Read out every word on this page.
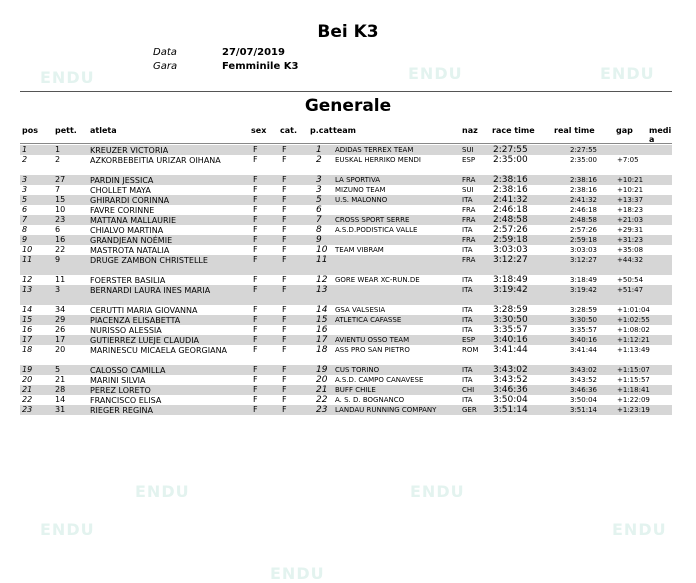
ENDU	ENDU	ENDU
ENDU	ENDU
ENDU
ENDU
ENDU
Bei K3
Data	27/07/2019
Gara	Femminile K3
Generale
pos pett. atleta	sex cat. p.cat team	naz race time real time	gap medi a
1	1	KREUZER VICTORIA	F	F	1 ADIDAS TERREX TEAM	SUI 2:27:55	2:27:55
2	2	AZKORBEBEITIA URIZAR OIHANA	F	F	2 EUSKAL HERRIKO MENDI	ESP 2:35:00	2:35:00	+7:05
3	27	PARDIN JESSICA	F	F	3 LA SPORTIVA	FRA 2:38:16	2:38:16	+10:21
3	7	CHOLLET MAYA	F	F	3 MIZUNO TEAM	SUI 2:38:16	2:38:16	+10:21
5	15	GHIRARDI CORINNA	F	F	5 U.S. MALONNO	ITA 2:41:32	2:41:32	+13:37
6	10	FAVRE CORINNE	F	F	6	FRA 2:46:18	2:46:18	+18:23
7	23	MATTANA MALLAURIE	F	F	7 CROSS SPORT SERRE	FRA 2:48:58	2:48:58	+21:03
8	6	CHIALVO MARTINA	F	F	8 A.S.D.PODISTICA VALLE	ITA 2:57:26	2:57:26	+29:31
9	16	GRANDJEAN NOÉMIE	F	F	9	FRA 2:59:18	2:59:18	+31:23
10	22	MASTROTA NATALIA	F	F	10 TEAM VIBRAM	ITA 3:03:03	3:03:03	+35:08
11	9	DRUGE ZAMBON CHRISTELLE	F	F	11	FRA 3:12:27	3:12:27	+44:32
12	11	FOERSTER BASILIA	F	F	12 GORE WEAR XC-RUN.DE	ITA 3:18:49	3:18:49	+50:54
13	3	BERNARDI LAURA INES MARIA	F	F	13	ITA 3:19:42	3:19:42	+51:47
14	34	CERUTTI MARIA GIOVANNA	F	F	14 GSA VALSESIA	ITA 3:28:59	3:28:59	+1:01:04
15	29	PIACENZA ELISABETTA	F	F	15 ATLETICA CAFASSE	ITA 3:30:50	3:30:50	+1:02:55
16	26	NURISSO ALESSIA	F	F	16	ITA 3:35:57	3:35:57	+1:08:02
17	17	GUTIERREZ LUEJE CLAUDIA	F	F	17 AVIENTU OSSO TEAM	ESP 3:40:16	3:40:16	+1:12:21
18	20	MARINESCU MICAELA GEORGIANA	F	F	18 ASS PRO SAN PIETRO	ROM 3:41:44	3:41:44	+1:13:49
19	5	CALOSSO CAMILLA	F	F	19 CUS TORINO	ITA 3:43:02	3:43:02	+1:15:07
20	21	MARINI SILVIA	F	F	20 A.S.D. CAMPO CANAVESE	ITA 3:43:52	3:43:52	+1:15:57
21	28	PEREZ LORETO	F	F	21 BUFF CHILE	CHI 3:46:36	3:46:36	+1:18:41
22	14	FRANCISCO ELISA	F	F	22 A. S. D. BOGNANCO	ITA 3:50:04	3:50:04	+1:22:09
23	31	RIEGER REGINA	F	F	23 LANDAU RUNNING COMPANY	GER 3:51:14	3:51:14	+1:23:19
